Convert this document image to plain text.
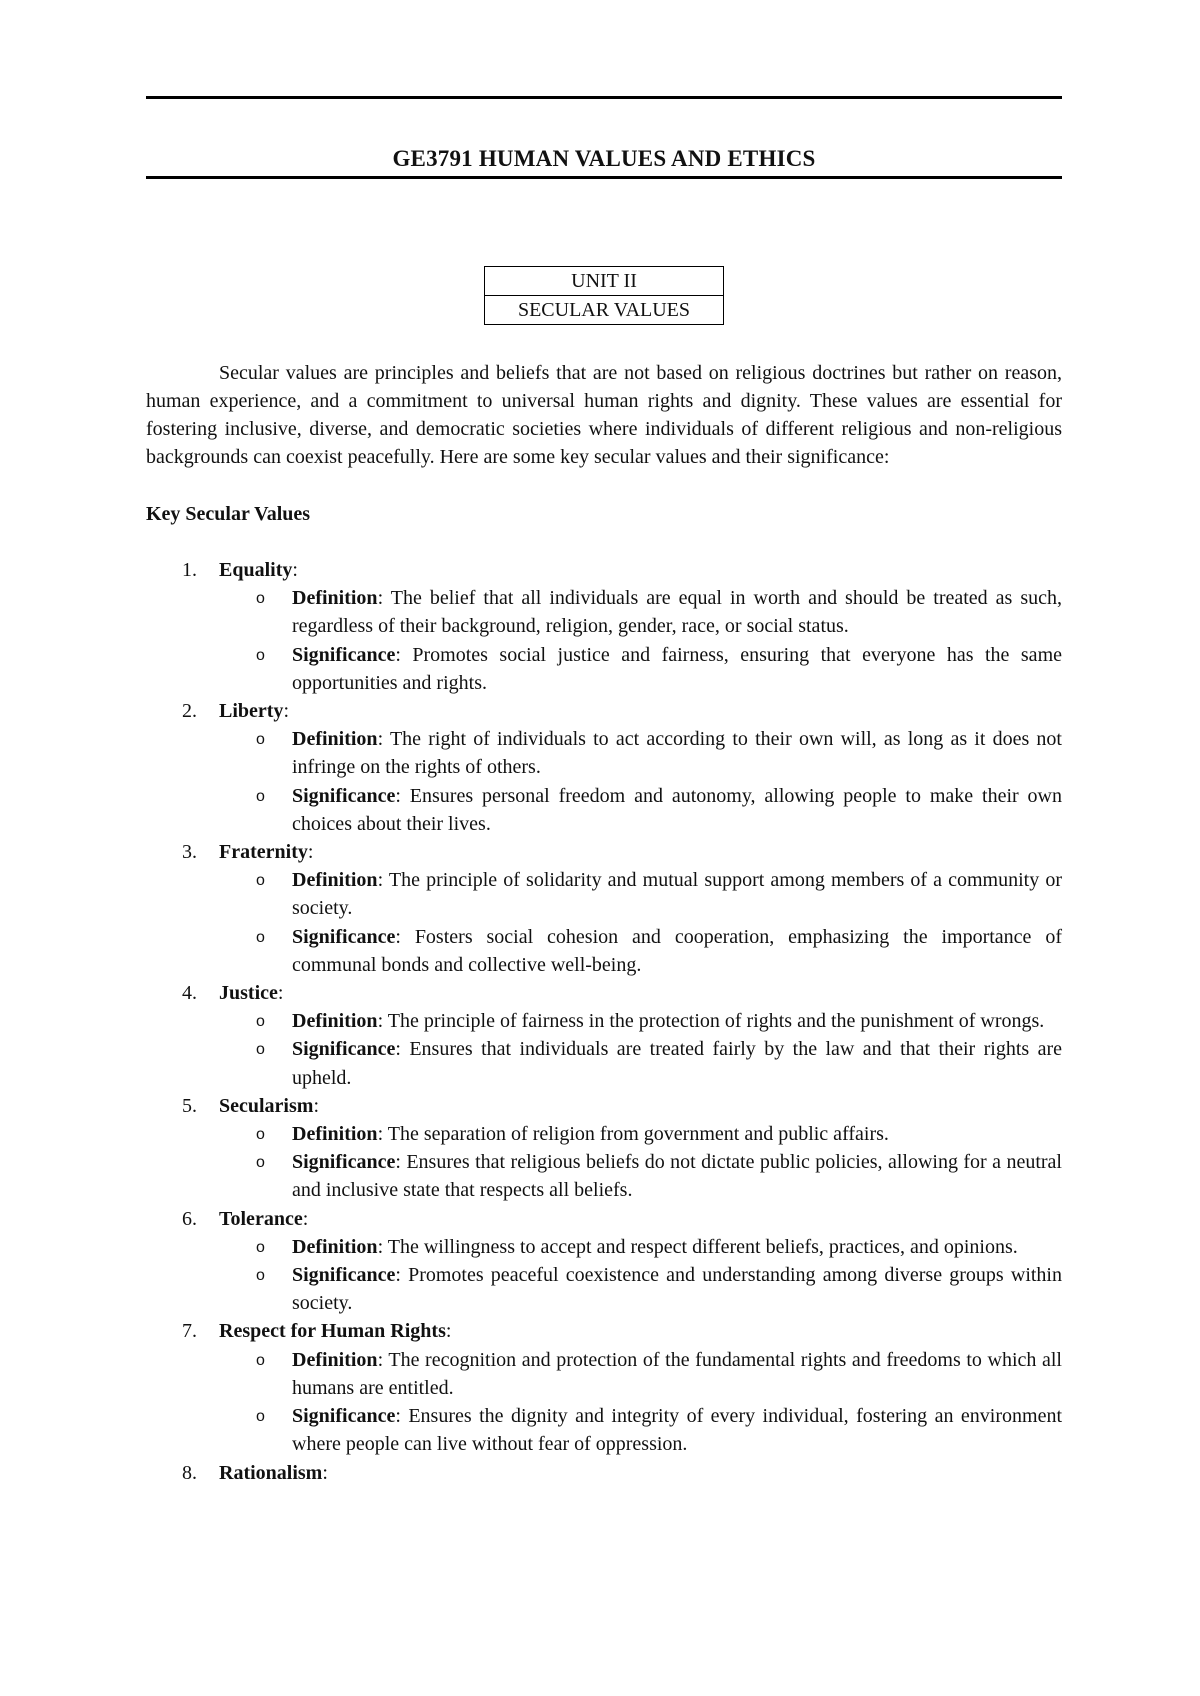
GE3791 HUMAN VALUES AND ETHICS
UNIT II
SECULAR VALUES

Secular values are principles and beliefs that are not based on religious doctrines but rather on reason, human experience, and a commitment to universal human rights and dignity. These values are essential for fostering inclusive, diverse, and democratic societies where individuals of different religious and non-religious backgrounds can coexist peacefully. Here are some key secular values and their significance:

Key Secular Values
1. Equality:
o Definition: The belief that all individuals are equal in worth and should be treated as such, regardless of their background, religion, gender, race, or social status.
o Significance: Promotes social justice and fairness, ensuring that everyone has the same opportunities and rights.
2. Liberty:
o Definition: The right of individuals to act according to their own will, as long as it does not infringe on the rights of others.
o Significance: Ensures personal freedom and autonomy, allowing people to make their own choices about their lives.
3. Fraternity:
o Definition: The principle of solidarity and mutual support among members of a community or society.
o Significance: Fosters social cohesion and cooperation, emphasizing the importance of communal bonds and collective well-being.
4. Justice:
o Definition: The principle of fairness in the protection of rights and the punishment of wrongs.
o Significance: Ensures that individuals are treated fairly by the law and that their rights are upheld.
5. Secularism:
o Definition: The separation of religion from government and public affairs.
o Significance: Ensures that religious beliefs do not dictate public policies, allowing for a neutral and inclusive state that respects all beliefs.
6. Tolerance:
o Definition: The willingness to accept and respect different beliefs, practices, and opinions.
o Significance: Promotes peaceful coexistence and understanding among diverse groups within society.
7. Respect for Human Rights:
o Definition: The recognition and protection of the fundamental rights and freedoms to which all humans are entitled.
o Significance: Ensures the dignity and integrity of every individual, fostering an environment where people can live without fear of oppression.
8. Rationalism:
